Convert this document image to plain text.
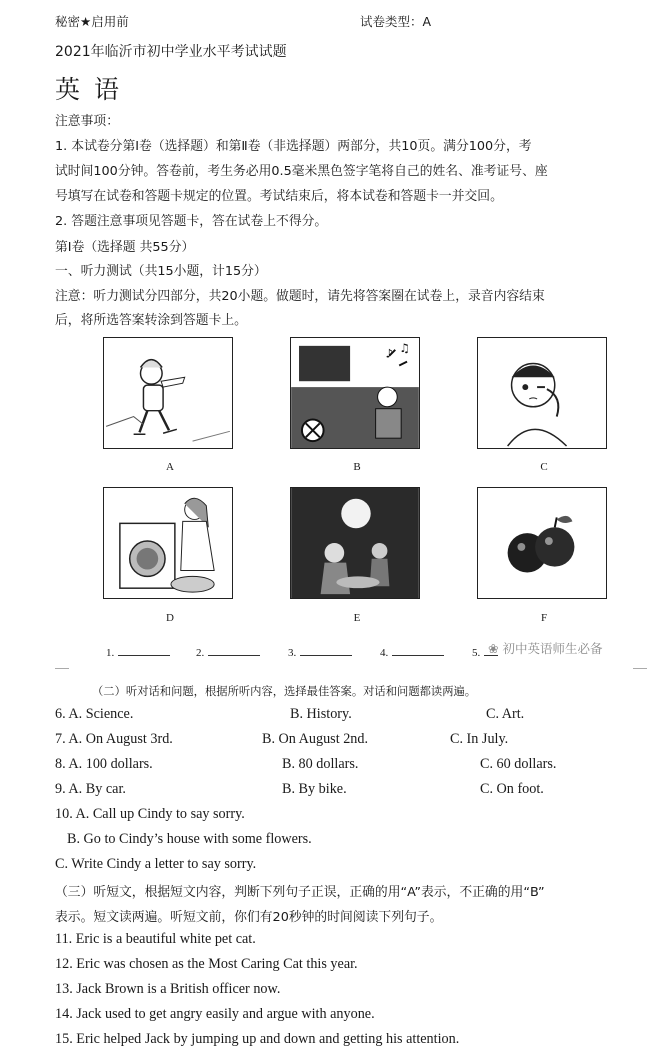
秘密★启用前	试卷类型：A
2021年临沂市初中学业水平考试试题
英语
注意事项：
1. 本试卷分第Ⅰ卷（选择题）和第Ⅱ卷（非选择题）两部分，共10页。满分100分，考
试时间100分钟。答卷前，考生务必用0.5毫米黑色签字笔将自己的姓名、准考证号、座
号填写在试卷和答题卡规定的位置。考试结束后，将本试卷和答题卡一并交回。
2. 答题注意事项见答题卡，答在试卷上不得分。
第Ⅰ卷（选择题 共55分）
一、听力测试（共15小题，计15分）
注意：听力测试分四部分，共20小题。做题时，请先将答案圈在试卷上，录音内容结束
后，将所选答案转涂到答题卡上。
♪ ♫
A	B	C
D	E	F
1.	2.	3.	4.	5. ❀ 初中英语师生必备
（二）听对话和问题，根据所听内容，选择最佳答案。对话和问题都读两遍。
6. A. Science.	B. History.	C. Art.
7. A. On August 3rd.	B. On August 2nd.	C. In July.
8. A. 100 dollars.	B. 80 dollars.	C. 60 dollars.
9. A. By car.	B. By bike.	C. On foot.
10. A. Call up Cindy to say sorry.
B. Go to Cindy’s house with some flowers.
C. Write Cindy a letter to say sorry.
（三）听短文，根据短文内容，判断下列句子正误，正确的用“A”表示，不正确的用“B”
表示。短文读两遍。听短文前，你们有20秒钟的时间阅读下列句子。
11. Eric is a beautiful white pet cat.
12. Eric was chosen as the Most Caring Cat this year.
13. Jack Brown is a British officer now.
14. Jack used to get angry easily and argue with anyone.
15. Eric helped Jack by jumping up and down and getting his attention.
